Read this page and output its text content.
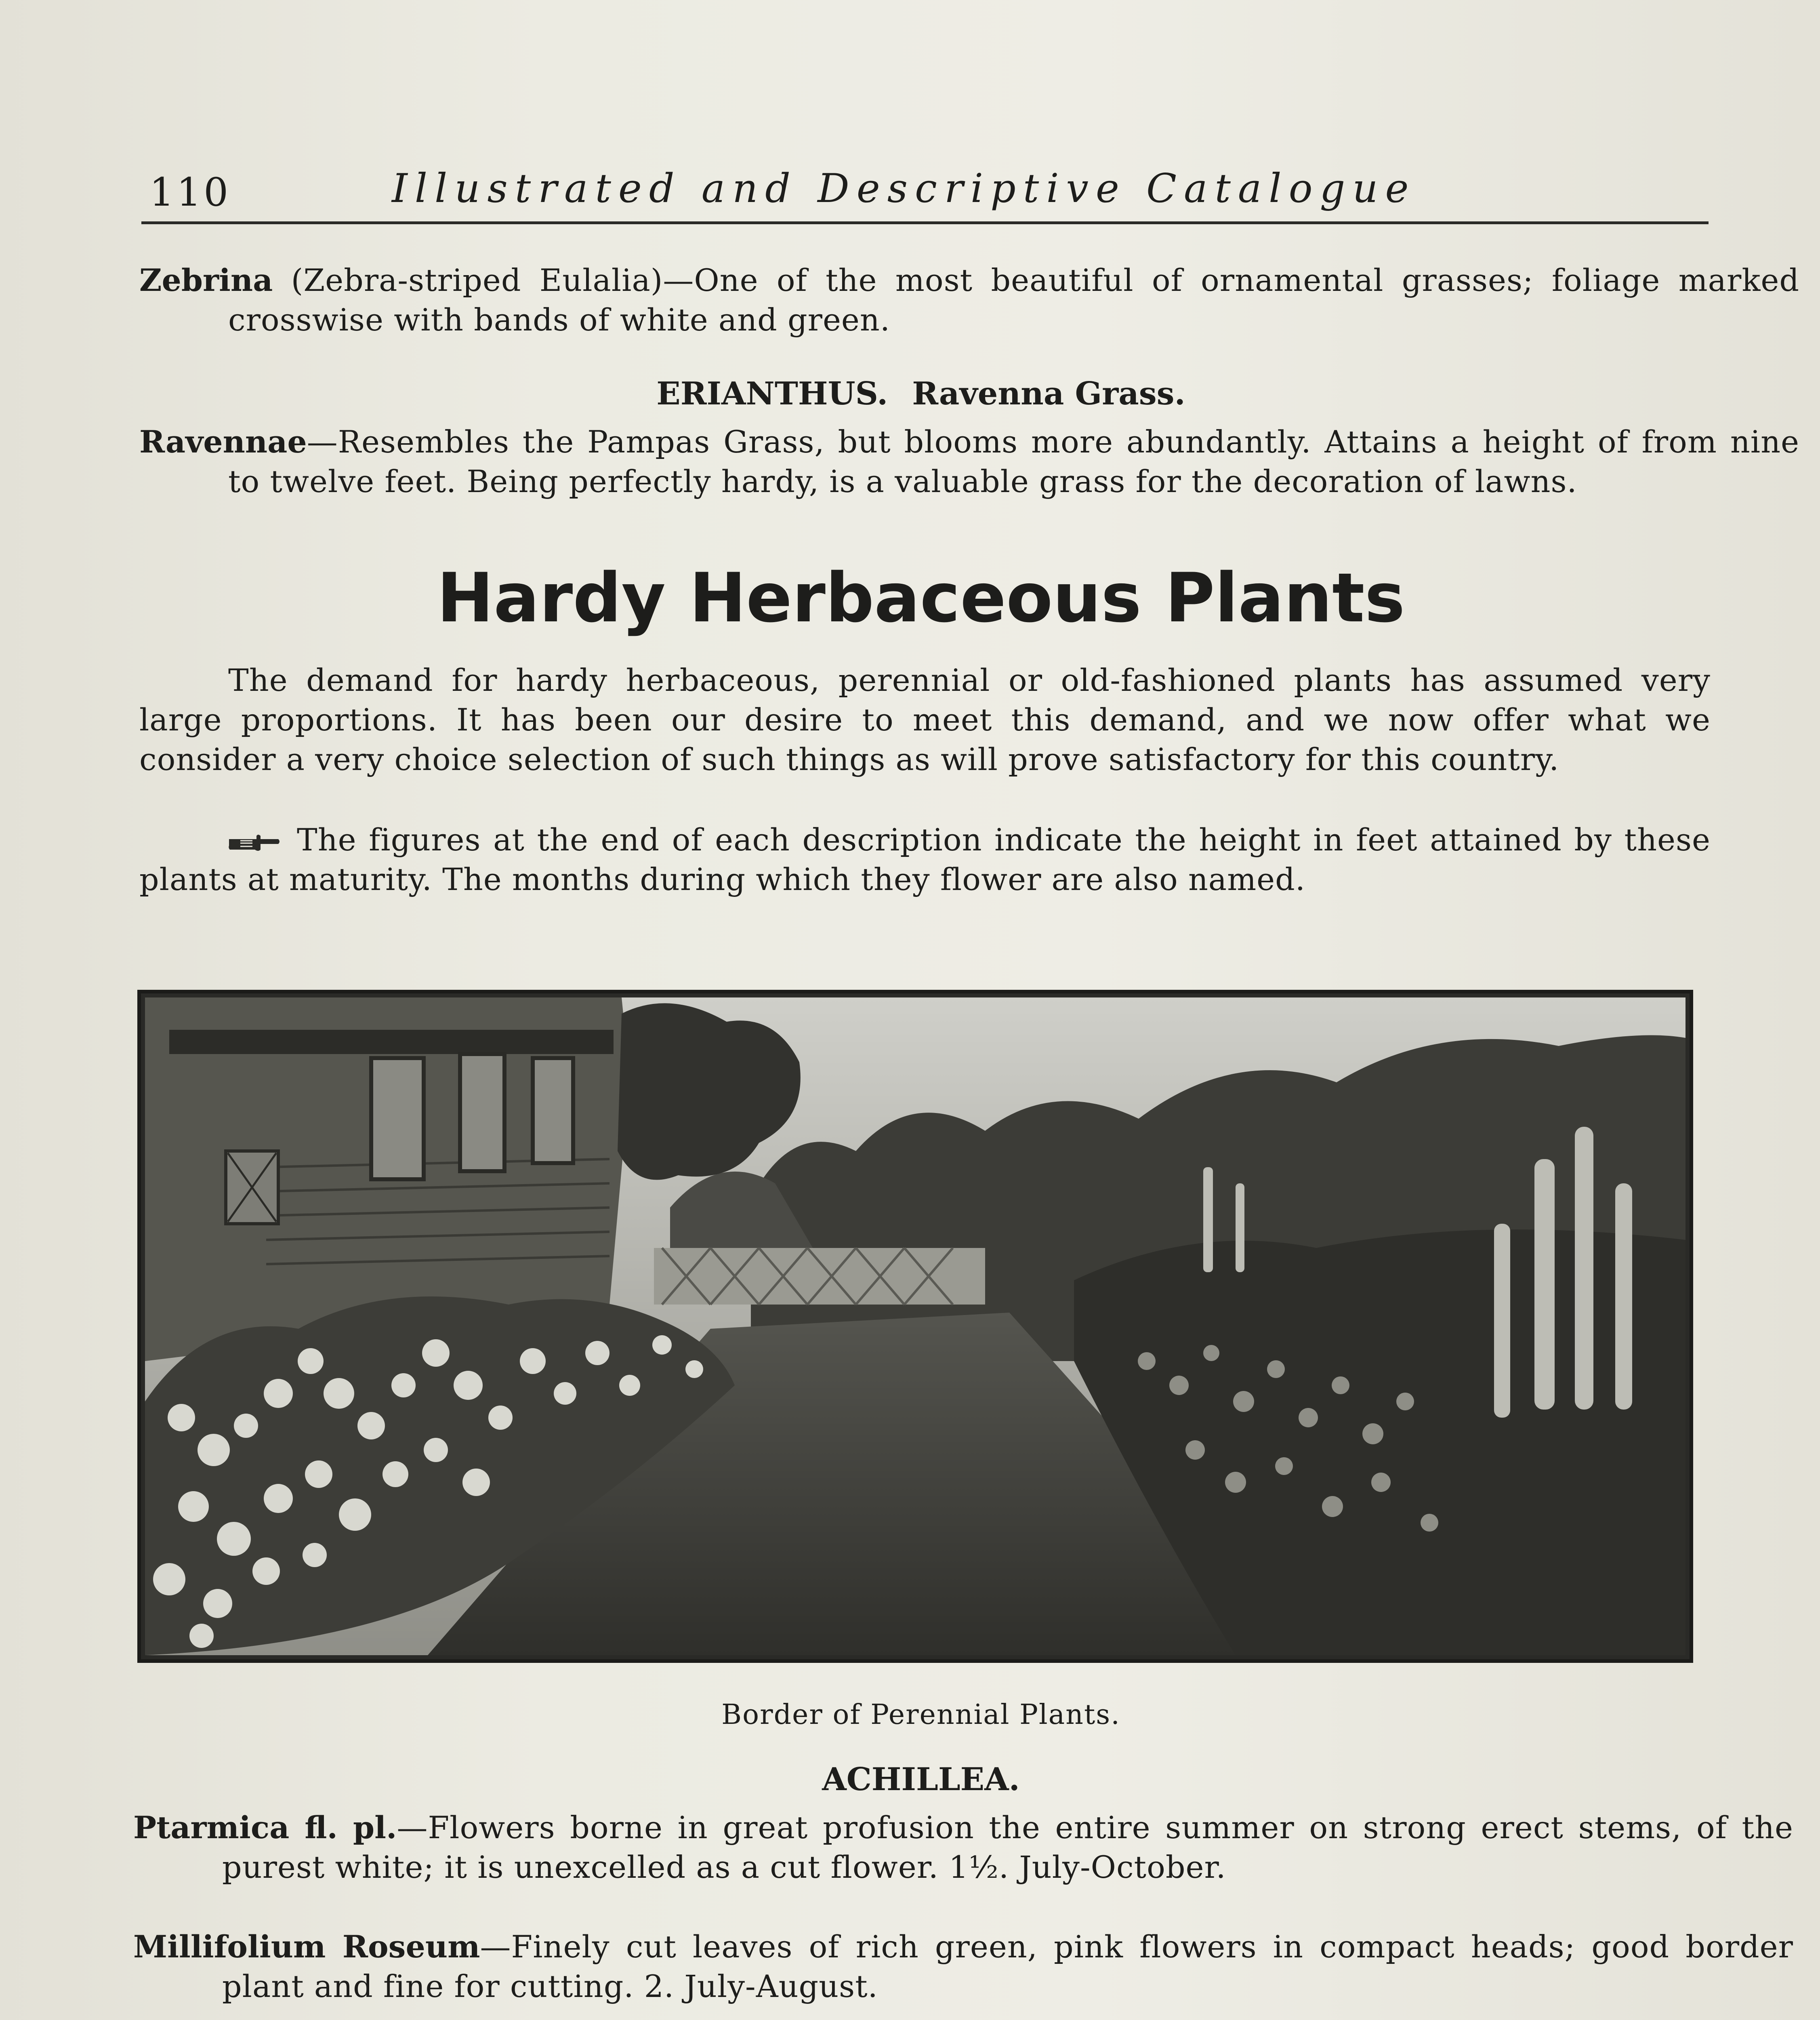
110	Illustrated and Descriptive Catalogue

Zebrina (Zebra-striped Eulalia)—One of the most beautiful of ornamental grasses; foliage marked crosswise with bands of white and green.

ERIANTHUS. Ravenna Grass.

Ravennae—Resembles the Pampas Grass, but blooms more abundantly. Attains a height of from nine to twelve feet. Being perfectly hardy, is a valuable grass for the decoration of lawns.

Hardy Herbaceous Plants

The demand for hardy herbaceous, perennial or old-fashioned plants has assumed very large proportions. It has been our desire to meet this demand, and we now offer what we consider a very choice selection of such things as will prove satisfactory for this country.

The figures at the end of each description indicate the height in feet attained by these plants at maturity. The months during which they flower are also named.

Border of Perennial Plants.
ACHILLEA.

Ptarmica fl. pl.—Flowers borne in great profusion the entire summer on strong erect stems, of the purest white; it is unexcelled as a cut flower. 1½. July-October.

Millifolium Roseum—Finely cut leaves of rich green, pink flowers in compact heads; good border plant and fine for cutting. 2. July-August.
